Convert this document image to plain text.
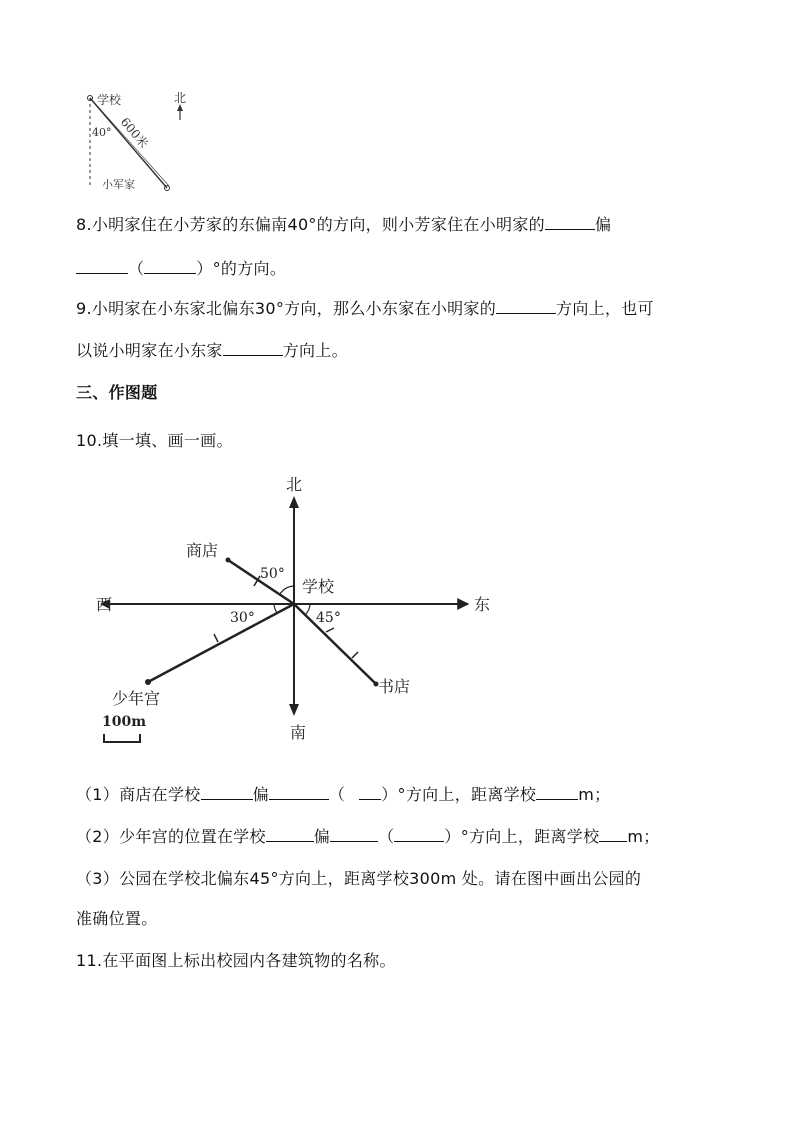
学校	北
40° 600米
小军家
8.小明家住在小芳家的东偏南40°的方向，则小芳家住在小明家的	偏
（	）°的方向。
9.小明家在小东家北偏东30°方向，那么小东家在小明家的	方向上，也可
以说小明家在小东家	方向上。
三、作图题
10.填一填、画一画。
北
南
东
西
学校
商店
少年宫
书店
50°
30°	45°
100m
（1）商店在学校	偏	（ ）°方向上，距离学校	m；
（2）少年宫的位置在学校	偏	（	）°方向上，距离学校 m；
（3）公园在学校北偏东45°方向上，距离学校300m 处。请在图中画出公园的
准确位置。
11.在平面图上标出校园内各建筑物的名称。
